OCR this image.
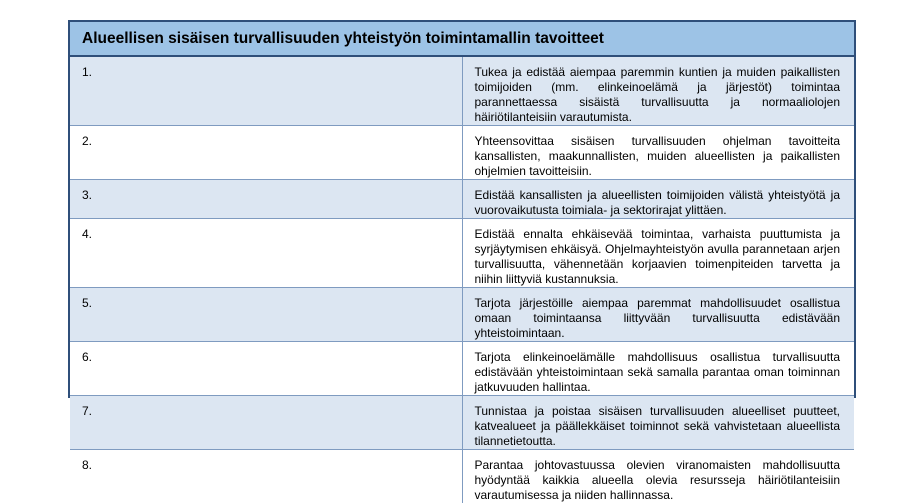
Alueellisen sisäisen turvallisuuden yhteistyön toimintamallin tavoitteet	
1.	Tukea ja edistää aiempaa paremmin kuntien ja muiden paikallisten toimijoiden (mm. elinkeinoelämä ja järjestöt) toimintaa parannettaessa sisäistä turvallisuutta ja normaaliolojen häiriötilanteisiin varautumista.
2.	Yhteensovittaa sisäisen turvallisuuden ohjelman tavoitteita kansallisten, maakunnallisten, muiden alueellisten ja paikallisten ohjelmien tavoitteisiin.
3.	Edistää kansallisten ja alueellisten toimijoiden välistä yhteistyötä ja vuorovaikutusta toimiala- ja sektorirajat ylittäen.
4.	Edistää ennalta ehkäisevää toimintaa, varhaista puuttumista ja syrjäytymisen ehkäisyä. Ohjelmayhteistyön avulla parannetaan arjen turvallisuutta, vähennetään korjaavien toimenpiteiden tarvetta ja niihin liittyviä kustannuksia.
5.	Tarjota järjestöille aiempaa paremmat mahdollisuudet osallistua omaan toimintaansa liittyvään turvallisuutta edistävään yhteistoimintaan.
6.	Tarjota elinkeinoelämälle mahdollisuus osallistua turvallisuutta edistävään yhteistoimintaan sekä samalla parantaa oman toiminnan jatkuvuuden hallintaa.
7.	Tunnistaa ja poistaa sisäisen turvallisuuden alueelliset puutteet, katvealueet ja päällekkäiset toiminnot sekä vahvistetaan alueellista tilannetietoutta.
8.	Parantaa johtovastuussa olevien viranomaisten mahdollisuutta hyödyntää kaikkia alueella olevia resursseja häiriötilanteisiin varautumisessa ja niiden hallinnassa.
